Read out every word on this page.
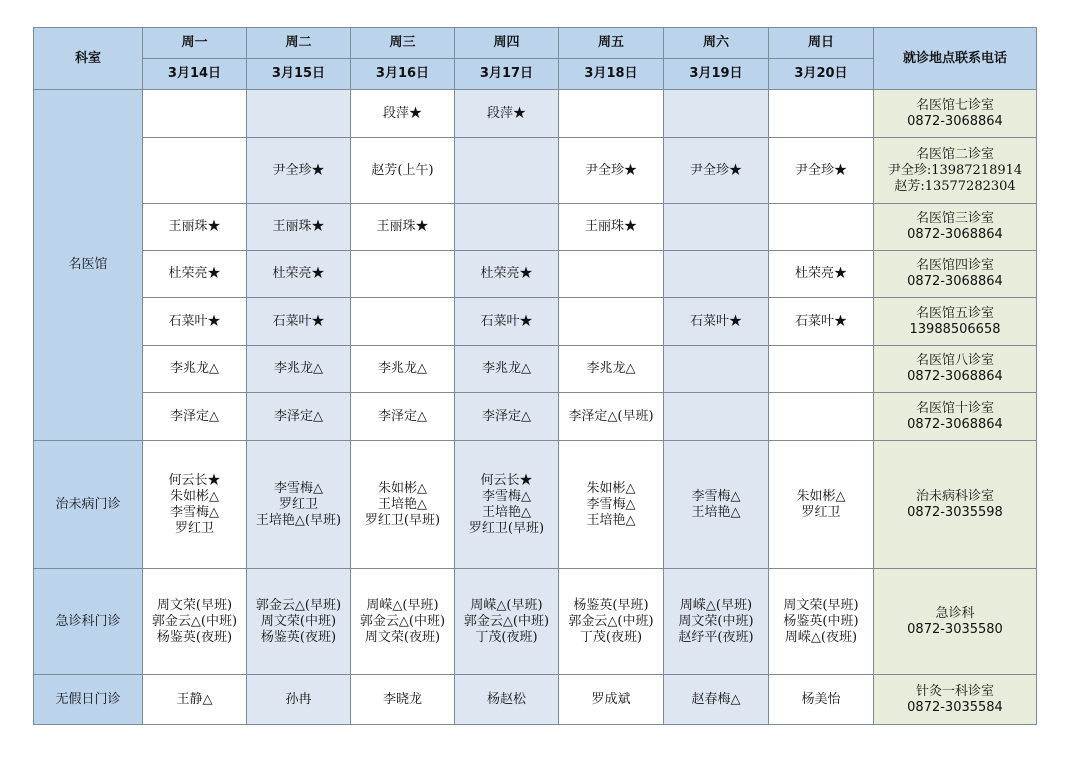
科室	周一	周二	周三	周四	周五	周六	周日	就诊地点联系电话
	3月14日	3月15日	3月16日	3月17日	3月18日	3月19日	3月20日	
名医馆			段萍★	段萍★				名医馆七诊室
0872-3068864

		尹全珍★	赵芳(上午)		尹全珍★	尹全珍★	尹全珍★	名医馆二诊室
尹全珍:13987218914
赵芳:13577282304

	王丽珠★	王丽珠★	王丽珠★		王丽珠★			名医馆三诊室
0872-3068864

	杜荣亮★	杜荣亮★		杜荣亮★			杜荣亮★	名医馆四诊室
0872-3068864

	石菜叶★	石菜叶★		石菜叶★		石菜叶★	石菜叶★	名医馆五诊室
13988506658

	李兆龙△	李兆龙△	李兆龙△	李兆龙△	李兆龙△			名医馆八诊室
0872-3068864

	李泽定△	李泽定△	李泽定△	李泽定△	李泽定△(早班)			名医馆十诊室
0872-3068864

治未病门诊	何云长★
朱如彬△
李雪梅△
罗红卫	李雪梅△
罗红卫
王培艳△(早班)	朱如彬△
王培艳△
罗红卫(早班)	何云长★
李雪梅△
王培艳△
罗红卫(早班)	朱如彬△
李雪梅△
王培艳△	李雪梅△
王培艳△	朱如彬△
罗红卫	治未病科诊室
0872-3035598

急诊科门诊	周文荣(早班)
郭金云△(中班)
杨鉴英(夜班)	郭金云△(早班)
周文荣(中班)
杨鉴英(夜班)	周嵘△(早班)
郭金云△(中班)
周文荣(夜班)	周嵘△(早班)
郭金云△(中班)
丁茂(夜班)	杨鉴英(早班)
郭金云△(中班)
丁茂(夜班)	周嵘△(早班)
周文荣(中班)
赵纾平(夜班)	周文荣(早班)
杨鉴英(中班)
周嵘△(夜班)	急诊科
0872-3035580

无假日门诊	王静△	孙冉	李晓龙	杨赵松	罗成斌	赵春梅△	杨美怡	针灸一科诊室
0872-3035584
